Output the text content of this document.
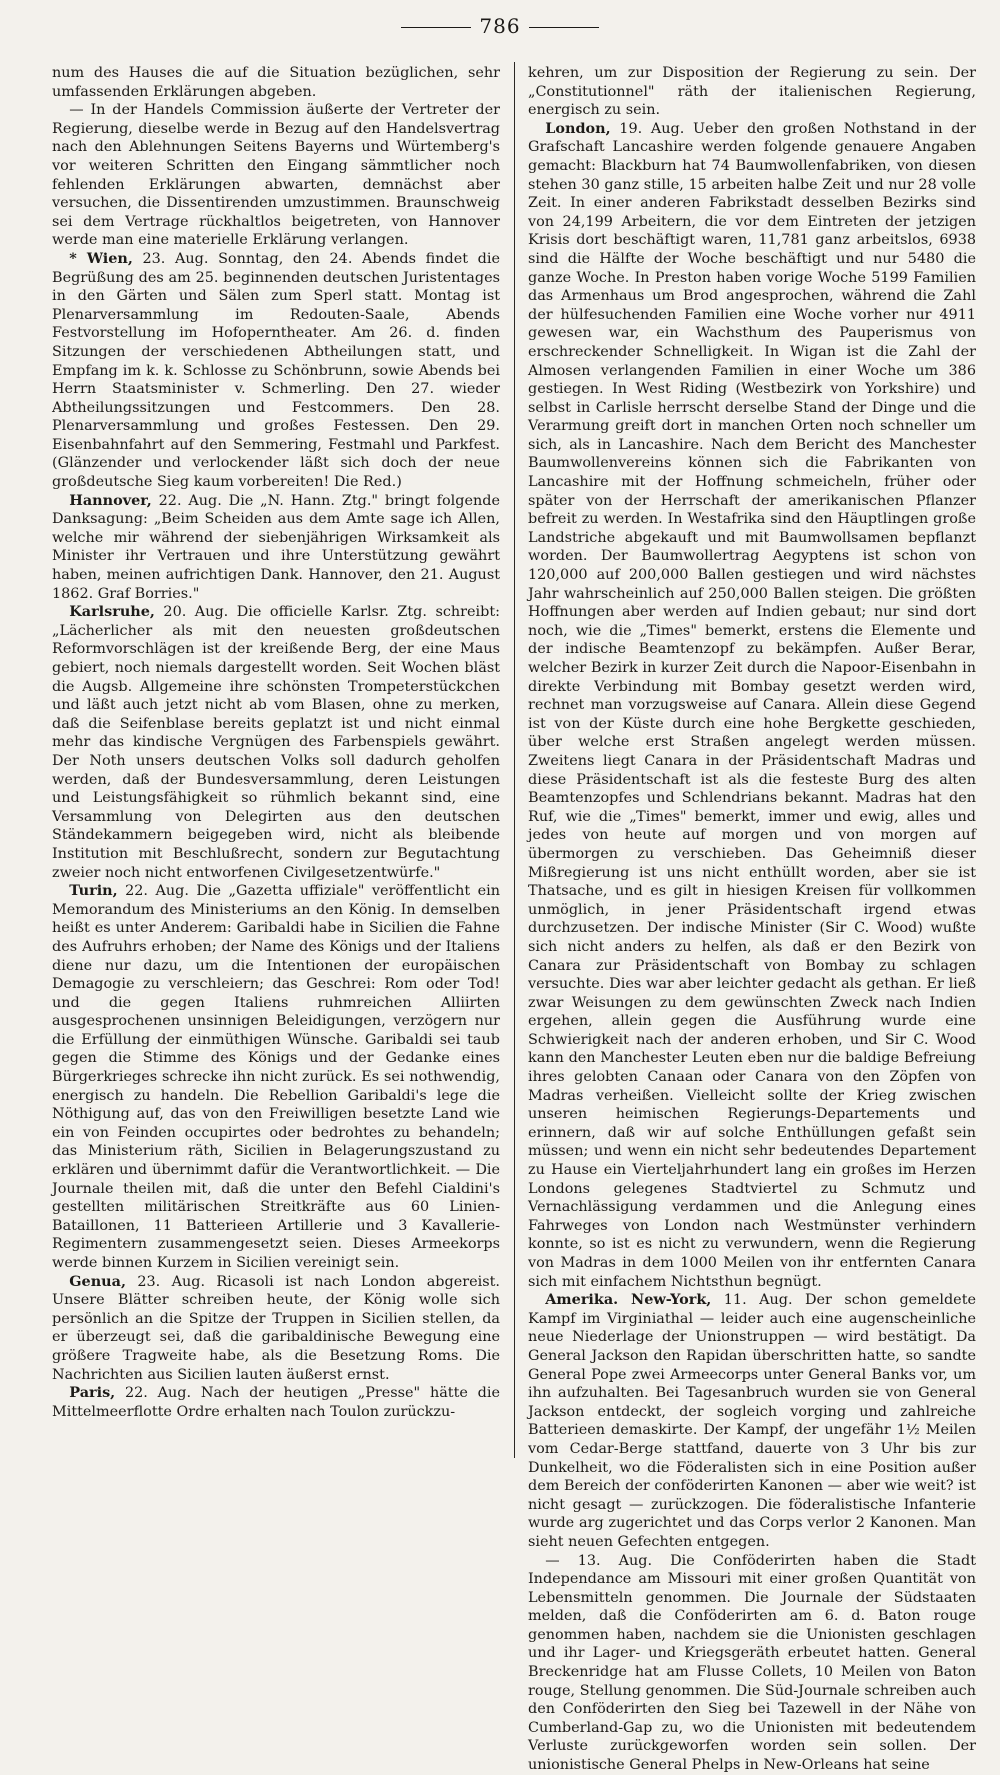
786

num des Hauses die auf die Situation bezüglichen, sehr umfassenden Erklärungen abgeben.

— In der Handels Commission äußerte der Vertreter der Regierung, dieselbe werde in Bezug auf den Handelsvertrag nach den Ablehnungen Seitens Bayerns und Würtemberg's vor weiteren Schritten den Eingang sämmtlicher noch fehlenden Erklärungen abwarten, demnächst aber versuchen, die Dissentirenden umzustimmen. Braunschweig sei dem Vertrage rückhaltlos beigetreten, von Hannover werde man eine materielle Erklärung verlangen.

* Wien, 23. Aug. Sonntag, den 24. Abends findet die Begrüßung des am 25. beginnenden deutschen Juristentages in den Gärten und Sälen zum Sperl statt. Montag ist Plenarversammlung im Redouten-Saale, Abends Festvorstellung im Hofoperntheater. Am 26. d. finden Sitzungen der verschiedenen Abtheilungen statt, und Empfang im k. k. Schlosse zu Schönbrunn, sowie Abends bei Herrn Staatsminister v. Schmerling. Den 27. wieder Abtheilungssitzungen und Festcommers. Den 28. Plenarversammlung und großes Festessen. Den 29. Eisenbahnfahrt auf den Semmering, Festmahl und Parkfest. (Glänzender und verlockender läßt sich doch der neue großdeutsche Sieg kaum vorbereiten! Die Red.)

Hannover, 22. Aug. Die „N. Hann. Ztg." bringt folgende Danksagung: „Beim Scheiden aus dem Amte sage ich Allen, welche mir während der siebenjährigen Wirksamkeit als Minister ihr Vertrauen und ihre Unterstützung gewährt haben, meinen aufrichtigen Dank. Hannover, den 21. August 1862. Graf Borries."

Karlsruhe, 20. Aug. Die officielle Karlsr. Ztg. schreibt: „Lächerlicher als mit den neuesten großdeutschen Reformvorschlägen ist der kreißende Berg, der eine Maus gebiert, noch niemals dargestellt worden. Seit Wochen bläst die Augsb. Allgemeine ihre schönsten Trompeterstückchen und läßt auch jetzt nicht ab vom Blasen, ohne zu merken, daß die Seifenblase bereits geplatzt ist und nicht einmal mehr das kindische Vergnügen des Farbenspiels gewährt. Der Noth unsers deutschen Volks soll dadurch geholfen werden, daß der Bundesversammlung, deren Leistungen und Leistungsfähigkeit so rühmlich bekannt sind, eine Versammlung von Delegirten aus den deutschen Ständekammern beigegeben wird, nicht als bleibende Institution mit Beschlußrecht, sondern zur Begutachtung zweier noch nicht entworfenen Civilgesetzentwürfe."

Turin, 22. Aug. Die „Gazetta uffiziale" veröffentlicht ein Memorandum des Ministeriums an den König. In demselben heißt es unter Anderem: Garibaldi habe in Sicilien die Fahne des Aufruhrs erhoben; der Name des Königs und der Italiens diene nur dazu, um die Intentionen der europäischen Demagogie zu verschleiern; das Geschrei: Rom oder Tod! und die gegen Italiens ruhmreichen Alliirten ausgesprochenen unsinnigen Beleidigungen, verzögern nur die Erfüllung der einmüthigen Wünsche. Garibaldi sei taub gegen die Stimme des Königs und der Gedanke eines Bürgerkrieges schrecke ihn nicht zurück. Es sei nothwendig, energisch zu handeln. Die Rebellion Garibaldi's lege die Nöthigung auf, das von den Freiwilligen besetzte Land wie ein von Feinden occupirtes oder bedrohtes zu behandeln; das Ministerium räth, Sicilien in Belagerungszustand zu erklären und übernimmt dafür die Verantwortlichkeit. — Die Journale theilen mit, daß die unter den Befehl Cialdini's gestellten militärischen Streitkräfte aus 60 Linien-Bataillonen, 11 Batterieen Artillerie und 3 Kavallerie-Regimentern zusammengesetzt seien. Dieses Armeekorps werde binnen Kurzem in Sicilien vereinigt sein.

Genua, 23. Aug. Ricasoli ist nach London abgereist. Unsere Blätter schreiben heute, der König wolle sich persönlich an die Spitze der Truppen in Sicilien stellen, da er überzeugt sei, daß die garibaldinische Bewegung eine größere Tragweite habe, als die Besetzung Roms. Die Nachrichten aus Sicilien lauten äußerst ernst.

Paris, 22. Aug. Nach der heutigen „Presse" hätte die Mittelmeerflotte Ordre erhalten nach Toulon zurückzu-

kehren, um zur Disposition der Regierung zu sein. Der „Constitutionnel" räth der italienischen Regierung, energisch zu sein.

London, 19. Aug. Ueber den großen Nothstand in der Grafschaft Lancashire werden folgende genauere Angaben gemacht: Blackburn hat 74 Baumwollenfabriken, von diesen stehen 30 ganz stille, 15 arbeiten halbe Zeit und nur 28 volle Zeit. In einer anderen Fabrikstadt desselben Bezirks sind von 24,199 Arbeitern, die vor dem Eintreten der jetzigen Krisis dort beschäftigt waren, 11,781 ganz arbeitslos, 6938 sind die Hälfte der Woche beschäftigt und nur 5480 die ganze Woche. In Preston haben vorige Woche 5199 Familien das Armenhaus um Brod angesprochen, während die Zahl der hülfesuchenden Familien eine Woche vorher nur 4911 gewesen war, ein Wachsthum des Pauperismus von erschreckender Schnelligkeit. In Wigan ist die Zahl der Almosen verlangenden Familien in einer Woche um 386 gestiegen. In West Riding (Westbezirk von Yorkshire) und selbst in Carlisle herrscht derselbe Stand der Dinge und die Verarmung greift dort in manchen Orten noch schneller um sich, als in Lancashire. Nach dem Bericht des Manchester Baumwollenvereins können sich die Fabrikanten von Lancashire mit der Hoffnung schmeicheln, früher oder später von der Herrschaft der amerikanischen Pflanzer befreit zu werden. In Westafrika sind den Häuptlingen große Landstriche abgekauft und mit Baumwollsamen bepflanzt worden. Der Baumwollertrag Aegyptens ist schon von 120,000 auf 200,000 Ballen gestiegen und wird nächstes Jahr wahrscheinlich auf 250,000 Ballen steigen. Die größten Hoffnungen aber werden auf Indien gebaut; nur sind dort noch, wie die „Times" bemerkt, erstens die Elemente und der indische Beamtenzopf zu bekämpfen. Außer Berar, welcher Bezirk in kurzer Zeit durch die Napoor-Eisenbahn in direkte Verbindung mit Bombay gesetzt werden wird, rechnet man vorzugsweise auf Canara. Allein diese Gegend ist von der Küste durch eine hohe Bergkette geschieden, über welche erst Straßen angelegt werden müssen. Zweitens liegt Canara in der Präsidentschaft Madras und diese Präsidentschaft ist als die festeste Burg des alten Beamtenzopfes und Schlendrians bekannt. Madras hat den Ruf, wie die „Times" bemerkt, immer und ewig, alles und jedes von heute auf morgen und von morgen auf übermorgen zu verschieben. Das Geheimniß dieser Mißregierung ist uns nicht enthüllt worden, aber sie ist Thatsache, und es gilt in hiesigen Kreisen für vollkommen unmöglich, in jener Präsidentschaft irgend etwas durchzusetzen. Der indische Minister (Sir C. Wood) wußte sich nicht anders zu helfen, als daß er den Bezirk von Canara zur Präsidentschaft von Bombay zu schlagen versuchte. Dies war aber leichter gedacht als gethan. Er ließ zwar Weisungen zu dem gewünschten Zweck nach Indien ergehen, allein gegen die Ausführung wurde eine Schwierigkeit nach der anderen erhoben, und Sir C. Wood kann den Manchester Leuten eben nur die baldige Befreiung ihres gelobten Canaan oder Canara von den Zöpfen von Madras verheißen. Vielleicht sollte der Krieg zwischen unseren heimischen Regierungs-Departements und erinnern, daß wir auf solche Enthüllungen gefaßt sein müssen; und wenn ein nicht sehr bedeutendes Departement zu Hause ein Vierteljahrhundert lang ein großes im Herzen Londons gelegenes Stadtviertel zu Schmutz und Vernachlässigung verdammen und die Anlegung eines Fahrweges von London nach Westmünster verhindern konnte, so ist es nicht zu verwundern, wenn die Regierung von Madras in dem 1000 Meilen von ihr entfernten Canara sich mit einfachem Nichtsthun begnügt.

Amerika. New-York, 11. Aug. Der schon gemeldete Kampf im Virginiathal — leider auch eine augenscheinliche neue Niederlage der Unionstruppen — wird bestätigt. Da General Jackson den Rapidan überschritten hatte, so sandte General Pope zwei Armeecorps unter General Banks vor, um ihn aufzuhalten. Bei Tagesanbruch wurden sie von General Jackson entdeckt, der sogleich vorging und zahlreiche Batterieen demaskirte. Der Kampf, der ungefähr 1½ Meilen vom Cedar-Berge stattfand, dauerte von 3 Uhr bis zur Dunkelheit, wo die Föderalisten sich in eine Position außer dem Bereich der conföderirten Kanonen — aber wie weit? ist nicht gesagt — zurückzogen. Die föderalistische Infanterie wurde arg zugerichtet und das Corps verlor 2 Kanonen. Man sieht neuen Gefechten entgegen.

— 13. Aug. Die Conföderirten haben die Stadt Independance am Missouri mit einer großen Quantität von Lebensmitteln genommen. Die Journale der Südstaaten melden, daß die Conföderirten am 6. d. Baton rouge genommen haben, nachdem sie die Unionisten geschlagen und ihr Lager- und Kriegsgeräth erbeutet hatten. General Breckenridge hat am Flusse Collets, 10 Meilen von Baton rouge, Stellung genommen. Die Süd-Journale schreiben auch den Conföderirten den Sieg bei Tazewell in der Nähe von Cumberland-Gap zu, wo die Unionisten mit bedeutendem Verluste zurückgeworfen worden sein sollen. Der unionistische General Phelps in New-Orleans hat seine
